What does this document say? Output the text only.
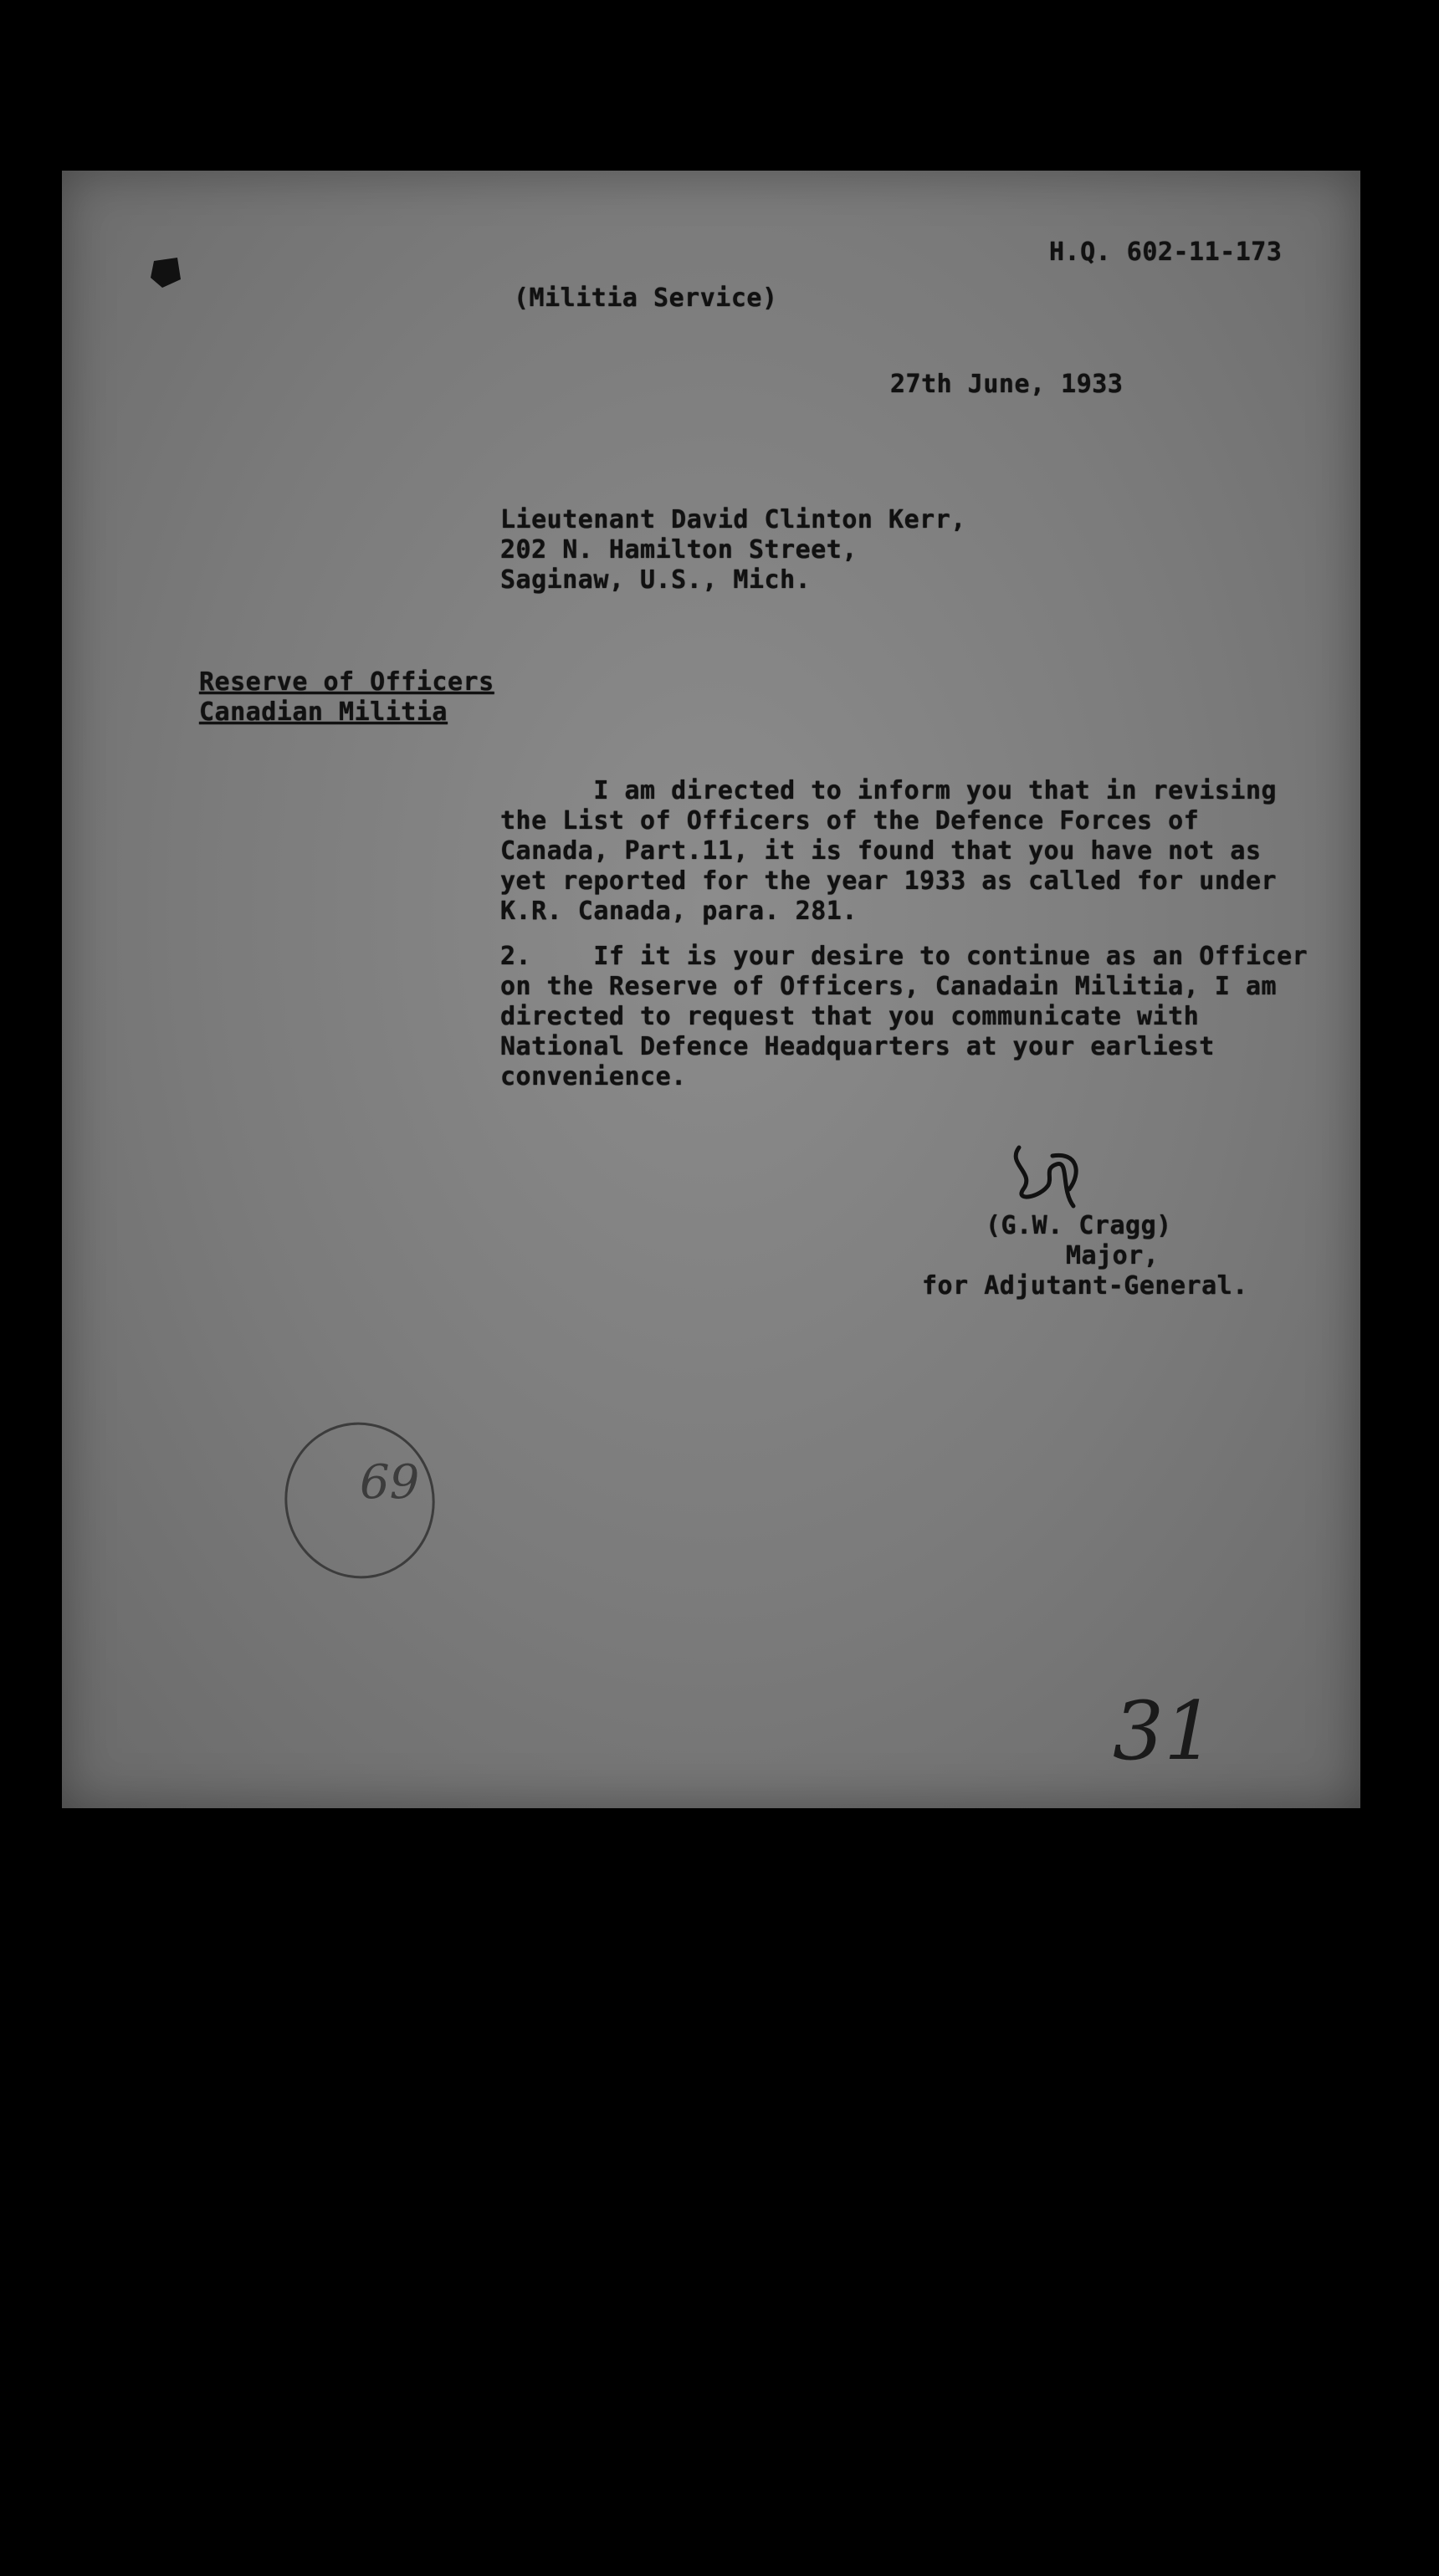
H.Q. 602-11-173
(Militia Service)
27th June, 1933
Lieutenant David Clinton Kerr,
202 N. Hamilton Street,
Saginaw, U.S., Mich.
Reserve of Officers
Canadian Militia
I am directed to inform you that in revising
the List of Officers of the Defence Forces of
Canada, Part.11, it is found that you have not as
yet reported for the year 1933 as called for under
K.R. Canada, para. 281.
2.    If it is your desire to continue as an Officer
on the Reserve of Officers, Canadain Militia, I am
directed to request that you communicate with
National Defence Headquarters at your earliest
convenience.
(G.W. Cragg)
Major,
for Adjutant-General.
69
31
